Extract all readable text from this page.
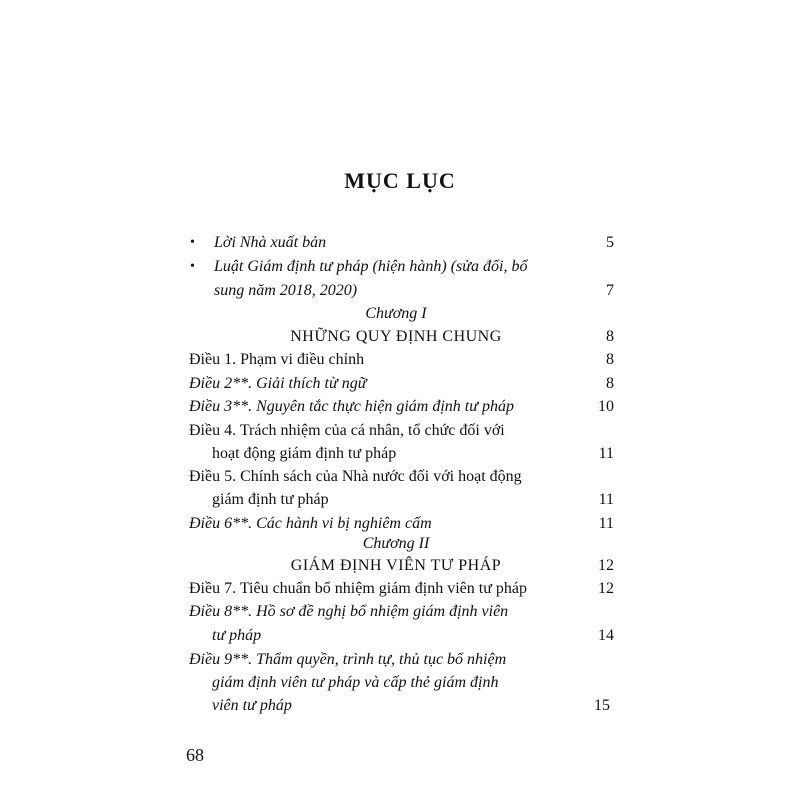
MỤC LỤC
• Lời Nhà xuất bản	5
• Luật Giám định tư pháp (hiện hành) (sửa đổi, bổ
sung năm 2018, 2020)	7
Chương I
NHỮNG QUY ĐỊNH CHUNG	8
Điều 1. Phạm vi điều chỉnh	8
Điều 2**. Giải thích từ ngữ	8
Điều 3**. Nguyên tắc thực hiện giám định tư pháp	10
Điều 4. Trách nhiệm của cá nhân, tổ chức đối với
hoạt động giám định tư pháp	11
Điều 5. Chính sách của Nhà nước đối với hoạt động
giám định tư pháp	11
Điều 6**. Các hành vi bị nghiêm cấm	11
Chương II
GIÁM ĐỊNH VIÊN TƯ PHÁP	12
Điều 7. Tiêu chuẩn bổ nhiệm giám định viên tư pháp	12
Điều 8**. Hồ sơ đề nghị bổ nhiệm giám định viên
tư pháp	14
Điều 9**. Thẩm quyền, trình tự, thủ tục bổ nhiệm
giám định viên tư pháp và cấp thẻ giám định
viên tư pháp	15
68
